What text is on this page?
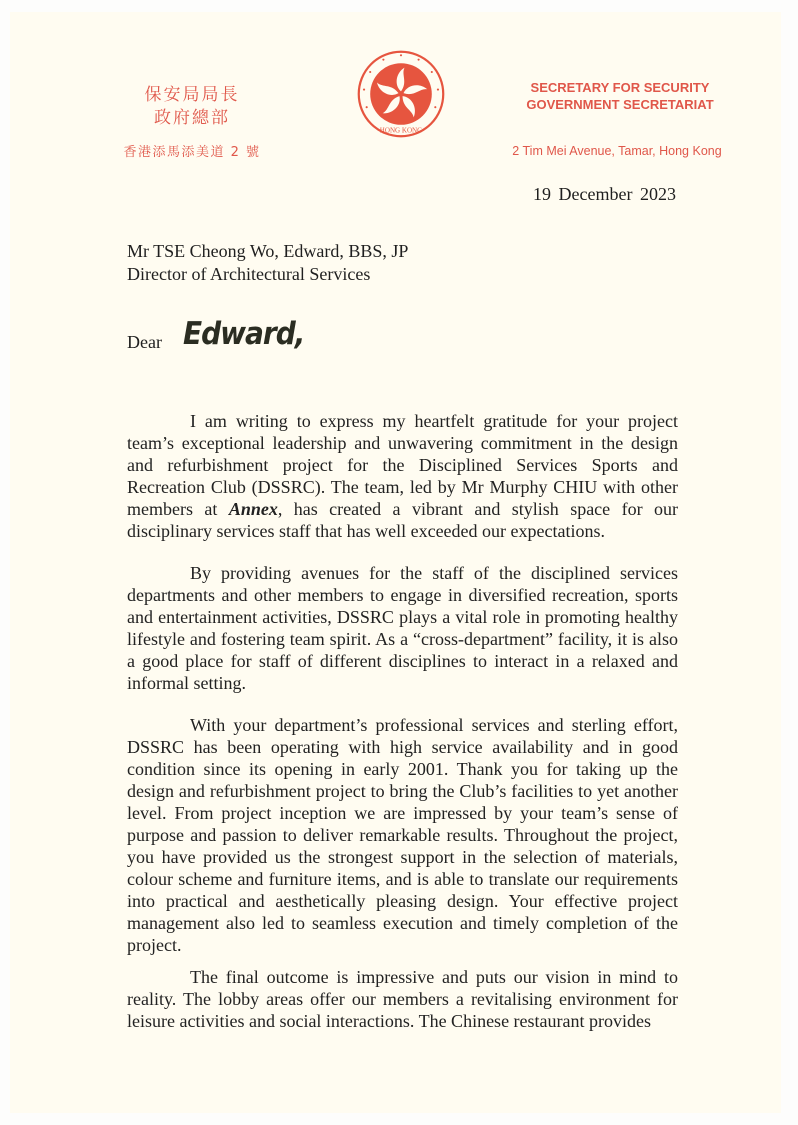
保安局局長
政府總部
香港添馬添美道 2 號
HONG KONG
SECRETARY FOR SECURITY
GOVERNMENT SECRETARIAT
2 Tim Mei Avenue, Tamar, Hong Kong
19 December 2023
Mr TSE Cheong Wo, Edward, BBS, JP
Director of Architectural Services
Dear Edward,

I am writing to express my heartfelt gratitude for your project team’s exceptional leadership and unwavering commitment in the design and refurbishment project for the Disciplined Services Sports and Recreation Club (DSSRC). The team, led by Mr Murphy CHIU with other members at Annex, has created a vibrant and stylish space for our disciplinary services staff that has well exceeded our expectations.

By providing avenues for the staff of the disciplined services departments and other members to engage in diversified recreation, sports and entertainment activities, DSSRC plays a vital role in promoting healthy lifestyle and fostering team spirit. As a “cross-department” facility, it is also a good place for staff of different disciplines to interact in a relaxed and informal setting.

With your department’s professional services and sterling effort, DSSRC has been operating with high service availability and in good condition since its opening in early 2001. Thank you for taking up the design and refurbishment project to bring the Club’s facilities to yet another level. From project inception we are impressed by your team’s sense of purpose and passion to deliver remarkable results. Throughout the project, you have provided us the strongest support in the selection of materials, colour scheme and furniture items, and is able to translate our requirements into practical and aesthetically pleasing design. Your effective project management also led to seamless execution and timely completion of the project.

The final outcome is impressive and puts our vision in mind to reality. The lobby areas offer our members a revitalising environment for leisure activities and social interactions. The Chinese restaurant provides
